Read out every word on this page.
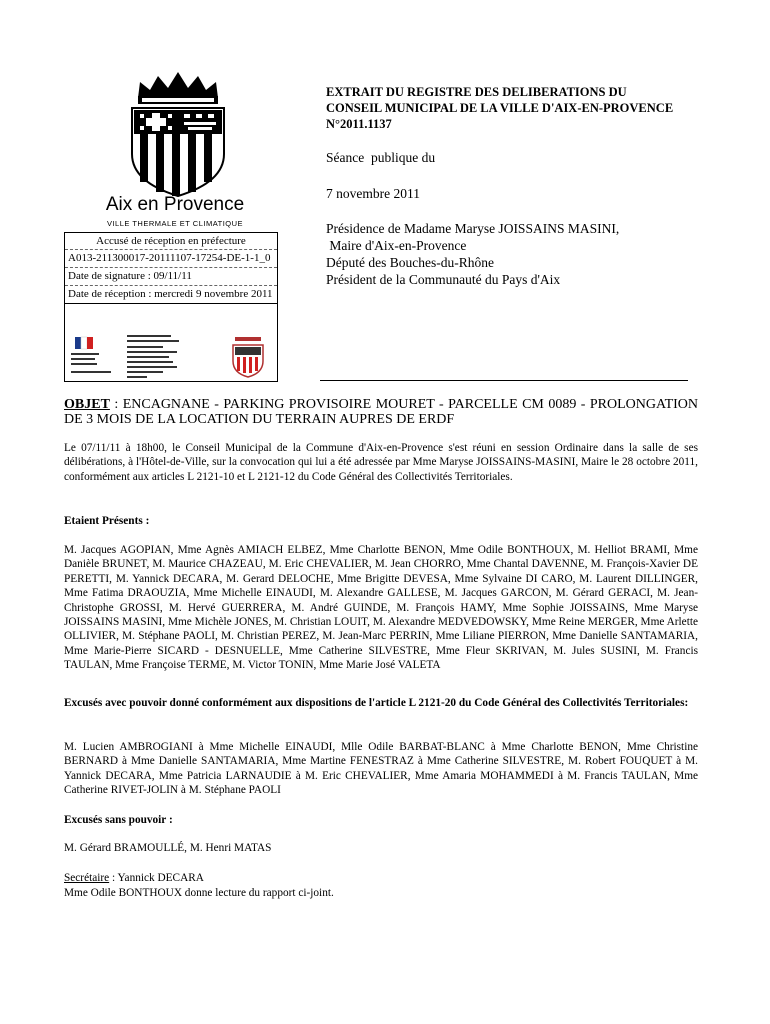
Aix en Provence
VILLE THERMALE ET CLIMATIQUE
Accusé de réception en préfecture
A013-211300017-20111107-17254-DE-1-1_0
Date de signature : 09/11/11
Date de réception : mercredi 9 novembre 2011
EXTRAIT DU REGISTRE DES DELIBERATIONS DU CONSEIL MUNICIPAL DE LA VILLE D'AIX-EN-PROVENCE N°2011.1137
Séance  publique du
7 novembre 2011
Présidence de Madame Maryse JOISSAINS MASINI,
Maire d'Aix-en-Provence
Député des Bouches-du-Rhône
Président de la Communauté du Pays d'Aix
OBJET : ENCAGNANE - PARKING PROVISOIRE MOURET - PARCELLE CM 0089 - PROLONGATION DE 3 MOIS DE LA LOCATION DU TERRAIN AUPRES DE ERDF
Le 07/11/11 à 18h00, le Conseil Municipal de la Commune d'Aix-en-Provence s'est réuni en session Ordinaire dans la salle de ses délibérations, à l'Hôtel-de-Ville, sur la convocation qui lui a été adressée par Mme Maryse JOISSAINS-MASINI, Maire le 28 octobre 2011, conformément aux articles L 2121-10 et L 2121-12 du Code Général des Collectivités Territoriales.
Etaient Présents :
M. Jacques AGOPIAN, Mme Agnès AMIACH ELBEZ, Mme Charlotte BENON, Mme Odile BONTHOUX, M. Helliot BRAMI, Mme Danièle BRUNET, M. Maurice CHAZEAU, M. Eric CHEVALIER, M. Jean CHORRO, Mme Chantal DAVENNE, M. François-Xavier DE PERETTI, M. Yannick DECARA, M. Gerard DELOCHE, Mme Brigitte DEVESA, Mme Sylvaine DI CARO, M. Laurent DILLINGER, Mme Fatima DRAOUZIA, Mme Michelle EINAUDI, M. Alexandre GALLESE, M. Jacques GARCON, M. Gérard GERACI, M. Jean-Christophe GROSSI, M. Hervé GUERRERA, M. André GUINDE, M. François HAMY, Mme Sophie JOISSAINS, Mme Maryse JOISSAINS MASINI, Mme Michèle JONES, M. Christian LOUIT, M. Alexandre MEDVEDOWSKY, Mme Reine MERGER, Mme Arlette OLLIVIER, M. Stéphane PAOLI, M. Christian PEREZ, M. Jean-Marc PERRIN, Mme Liliane PIERRON, Mme Danielle SANTAMARIA, Mme Marie-Pierre SICARD - DESNUELLE, Mme Catherine SILVESTRE, Mme Fleur SKRIVAN, M. Jules SUSINI, M. Francis TAULAN, Mme Françoise TERME, M. Victor TONIN, Mme Marie José VALETA
Excusés avec pouvoir donné conformément aux dispositions de l'article L 2121-20 du Code Général des Collectivités Territoriales:
M. Lucien AMBROGIANI à Mme Michelle EINAUDI, Mlle Odile BARBAT-BLANC à Mme Charlotte BENON, Mme Christine BERNARD à Mme Danielle SANTAMARIA, Mme Martine FENESTRAZ à Mme Catherine SILVESTRE, M. Robert FOUQUET à M. Yannick DECARA, Mme Patricia LARNAUDIE à M. Eric CHEVALIER, Mme Amaria MOHAMMEDI à M. Francis TAULAN, Mme Catherine RIVET-JOLIN à M. Stéphane PAOLI
Excusés sans pouvoir :
M. Gérard BRAMOULLÉ, M. Henri MATAS
Secrétaire : Yannick DECARA
Mme Odile BONTHOUX donne lecture du rapport ci-joint.
